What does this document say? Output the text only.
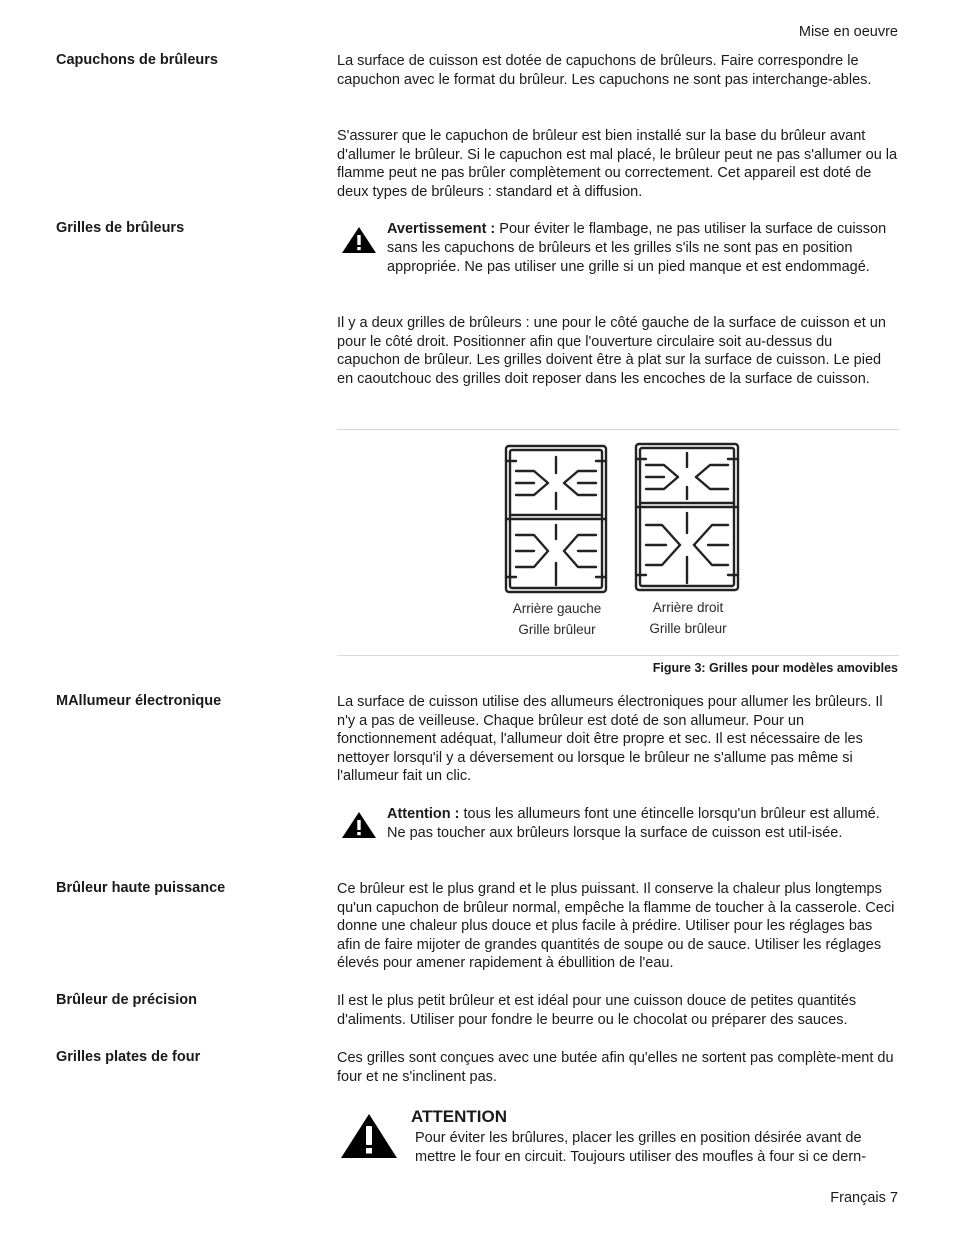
Mise en oeuvre
Français 7
Capuchons de brûleurs	La surface de cuisson est dotée de capuchons de brûleurs. Faire correspondre le capuchon avec le format du brûleur. Les capuchons ne sont pas interchange-ables.

S'assurer que le capuchon de brûleur est bien installé sur la base du brûleur avant d'allumer le brûleur. Si le capuchon est mal placé, le brûleur peut ne pas s'allumer ou la flamme peut ne pas brûler complètement ou correctement. Cet appareil est doté de deux types de brûleurs : standard et à diffusion.

Grilles de brûleurs	Avertissement : Pour éviter le flambage, ne pas utiliser la surface de cuisson sans les capuchons de brûleurs et les grilles s'ils ne sont pas en position appropriée. Ne pas utiliser une grille si un pied manque et est endommagé.

Il y a deux grilles de brûleurs : une pour le côté gauche de la surface de cuisson et un pour le côté droit. Positionner afin que l'ouverture circulaire soit au-dessus du capuchon de brûleur. Les grilles doivent être à plat sur la surface de cuisson. Le pied en caoutchouc des grilles doit reposer dans les encoches de la surface de cuisson.

Arrière gauche
Grille brûleur
Arrière droit
Grille brûleur
Figure 3: Grilles pour modèles amovibles
MAllumeur électronique	La surface de cuisson utilise des allumeurs électroniques pour allumer les brûleurs. Il n'y a pas de veilleuse. Chaque brûleur est doté de son allumeur. Pour un fonctionnement adéquat, l'allumeur doit être propre et sec. Il est nécessaire de les nettoyer lorsqu'il y a déversement ou lorsque le brûleur ne s'allume pas même si l'allumeur fait un clic.

Attention : tous les allumeurs font une étincelle lorsqu'un brûleur est allumé. Ne pas toucher aux brûleurs lorsque la surface de cuisson est util-isée.
Brûleur haute puissance	Ce brûleur est le plus grand et le plus puissant. Il conserve la chaleur plus longtemps qu'un capuchon de brûleur normal, empêche la flamme de toucher à la casserole. Ceci donne une chaleur plus douce et plus facile à prédire. Utiliser pour les réglages bas afin de faire mijoter de grandes quantités de soupe ou de sauce. Utiliser les réglages élevés pour amener rapidement à ébullition de l'eau.

Brûleur de précision	Il est le plus petit brûleur et est idéal pour une cuisson douce de petites quantités d'aliments. Utiliser pour fondre le beurre ou le chocolat ou préparer des sauces.

Grilles plates de four	Ces grilles sont conçues avec une butée afin qu'elles ne sortent pas complète-ment du four et ne s'inclinent pas.

ATTENTION
Pour éviter les brûlures, placer les grilles en position désirée avant de mettre le four en circuit. Toujours utiliser des moufles à four si ce dern-
